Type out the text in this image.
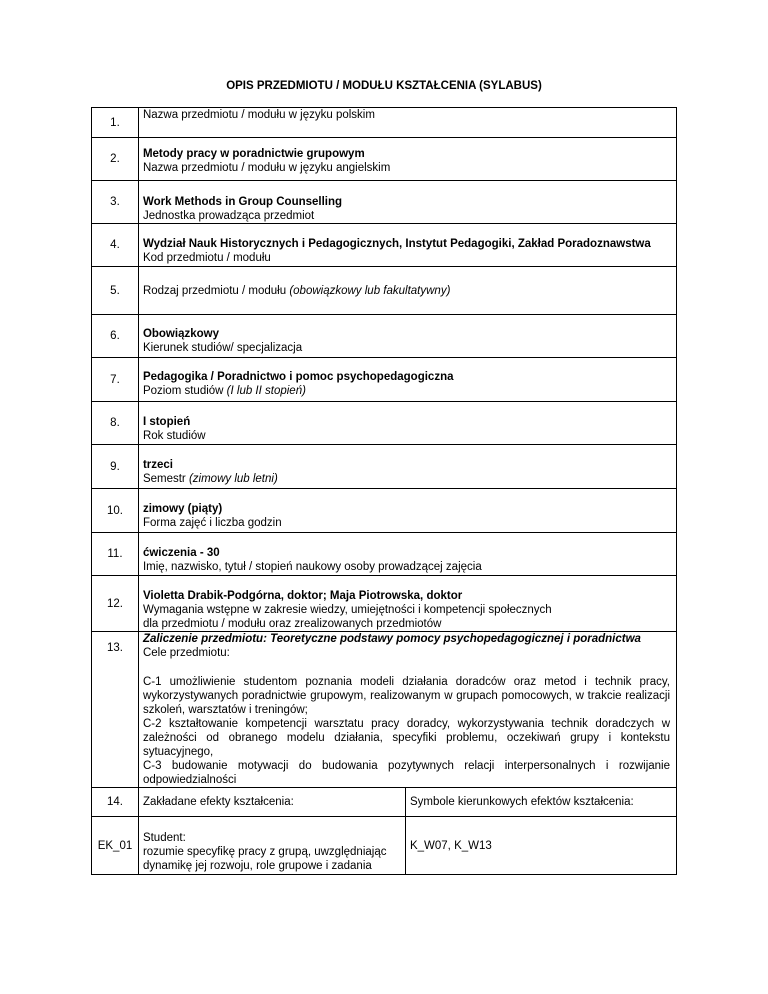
OPIS PRZEDMIOTU / MODUŁU KSZTAŁCENIA (SYLABUS)
1.	Nazwa przedmiotu / modułu w języku polskim	

2.	Metody pracy w poradnictwie grupowym
Nazwa przedmiotu / modułu w języku angielskim	

3.	Work Methods in Group Counselling
Jednostka prowadząca przedmiot	

4.	Wydział Nauk Historycznych i Pedagogicznych, Instytut Pedagogiki, Zakład Poradoznawstwa
Kod przedmiotu / modułu	

5.	Rodzaj przedmiotu / modułu (obowiązkowy lub fakultatywny)	
6.	Obowiązkowy
Kierunek studiów/ specjalizacja	

7.	Pedagogika / Poradnictwo i pomoc psychopedagogiczna
Poziom studiów (I lub II stopień)	

8.	I stopień
Rok studiów	

9.	trzeci
Semestr (zimowy lub letni)	

10.	zimowy (piąty)
Forma zajęć i liczba godzin	

11.	ćwiczenia - 30
Imię, nazwisko, tytuł / stopień naukowy osoby prowadzącej zajęcia	

12.	Violetta Drabik-Podgórna, doktor; Maja Piotrowska, doktor
Wymagania wstępne w zakresie wiedzy, umiejętności i kompetencji społecznych
dla przedmiotu / modułu oraz zrealizowanych przedmiotów	

13.	Zaliczenie przedmiotu: Teoretyczne podstawy pomocy psychopedagogicznej i poradnictwa
Cele przedmiotu:
C-1 umożliwienie studentom poznania modeli działania doradców oraz metod i technik pracy, wykorzystywanych poradnictwie grupowym, realizowanym w grupach pomocowych, w trakcie realizacji szkoleń, warsztatów i treningów;
C-2 kształtowanie kompetencji warsztatu pracy doradcy, wykorzystywania technik doradczych w zależności od obranego modelu działania, specyfiki problemu, oczekiwań grupy i kontekstu sytuacyjnego,
C-3 budowanie motywacji do budowania pozytywnych relacji interpersonalnych i rozwijanie odpowiedzialności	

14.	Zakładane efekty kształcenia:	Symbole kierunkowych efektów kształcenia:
EK_01	Student:
rozumie specyfikę pracy z grupą, uwzględniając
dynamikę jej rozwoju, role grupowe i zadania	K_W07, K_W13
